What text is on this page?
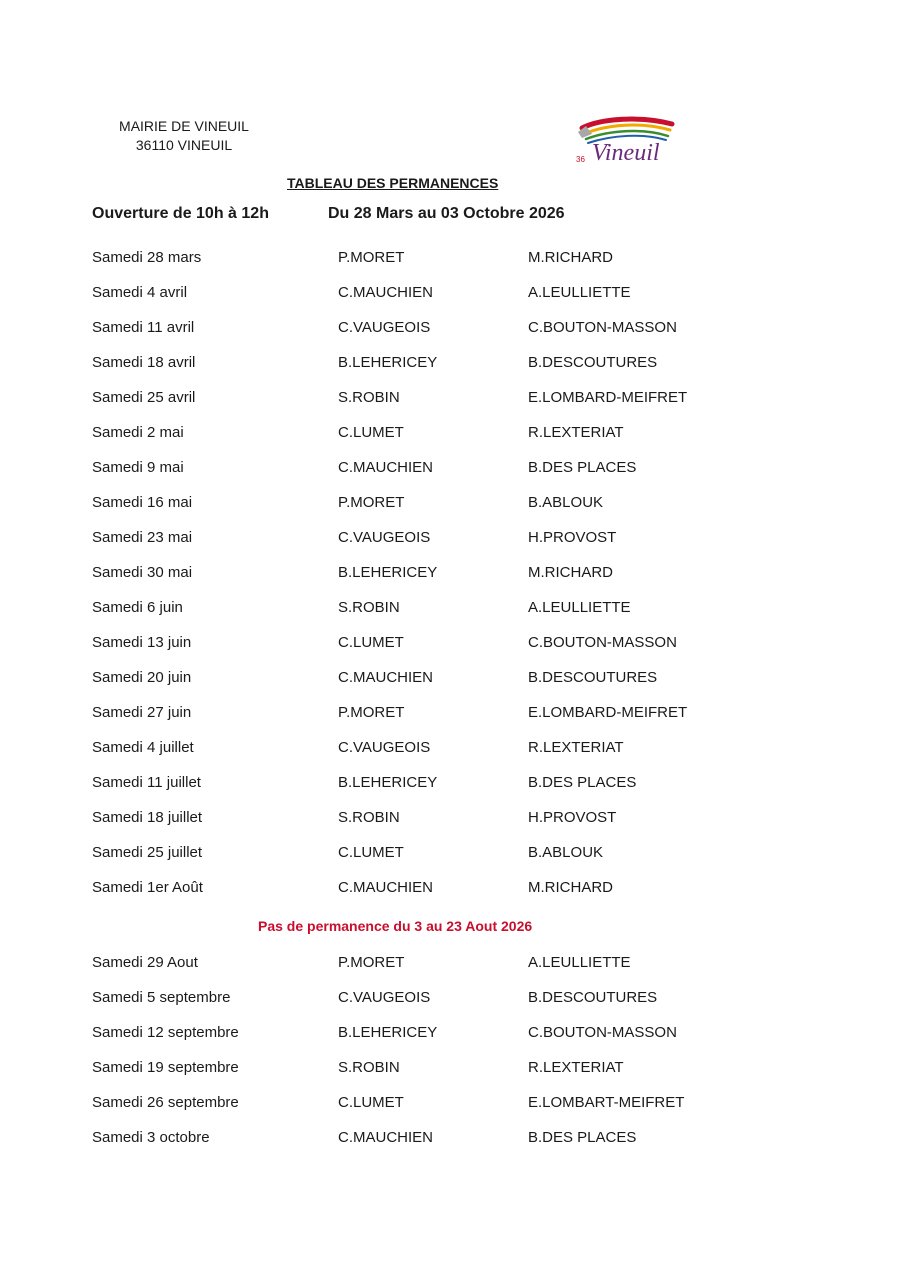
MAIRIE DE VINEUIL
36110 VINEUIL
36 Vineuil
TABLEAU DES PERMANENCES
Ouverture de 10h à 12h	Du 28 Mars au 03 Octobre 2026
Samedi 28 mars	P.MORET	M.RICHARD
Samedi 4 avril	C.MAUCHIEN	A.LEULLIETTE
Samedi 11 avril	C.VAUGEOIS	C.BOUTON-MASSON
Samedi 18 avril	B.LEHERICEY	B.DESCOUTURES
Samedi 25 avril	S.ROBIN	E.LOMBARD-MEIFRET
Samedi 2 mai	C.LUMET	R.LEXTERIAT
Samedi 9 mai	C.MAUCHIEN	B.DES PLACES
Samedi 16 mai	P.MORET	B.ABLOUK
Samedi 23 mai	C.VAUGEOIS	H.PROVOST
Samedi 30 mai	B.LEHERICEY	M.RICHARD
Samedi 6 juin	S.ROBIN	A.LEULLIETTE
Samedi 13 juin	C.LUMET	C.BOUTON-MASSON
Samedi 20 juin	C.MAUCHIEN	B.DESCOUTURES
Samedi 27 juin	P.MORET	E.LOMBARD-MEIFRET
Samedi 4 juillet	C.VAUGEOIS	R.LEXTERIAT
Samedi 11 juillet	B.LEHERICEY	B.DES PLACES
Samedi 18 juillet	S.ROBIN	H.PROVOST
Samedi 25 juillet	C.LUMET	B.ABLOUK
Samedi 1er Août	C.MAUCHIEN	M.RICHARD
Pas de permanence du 3 au 23 Aout 2026
Samedi 29 Aout	P.MORET	A.LEULLIETTE
Samedi 5 septembre	C.VAUGEOIS	B.DESCOUTURES
Samedi 12 septembre	B.LEHERICEY	C.BOUTON-MASSON
Samedi 19 septembre	S.ROBIN	R.LEXTERIAT
Samedi 26 septembre	C.LUMET	E.LOMBART-MEIFRET
Samedi 3 octobre	C.MAUCHIEN	B.DES PLACES
